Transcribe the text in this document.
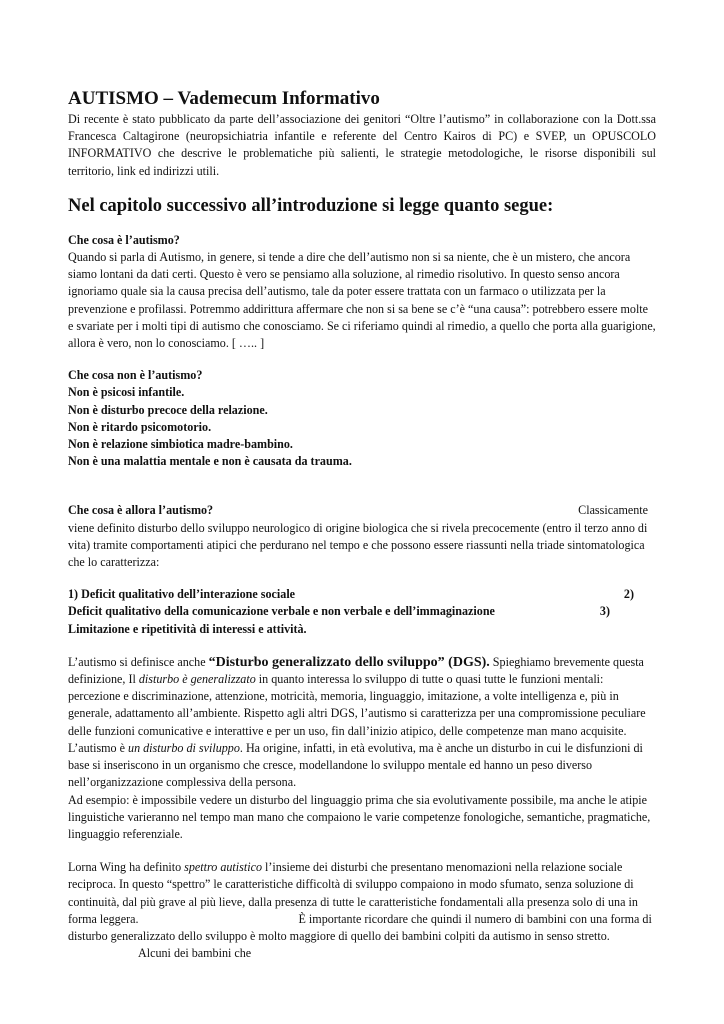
AUTISMO – Vademecum Informativo

Di recente è stato pubblicato da parte dell’associazione dei genitori “Oltre l’autismo” in collaborazione con la Dott.ssa Francesca Caltagirone (neuropsichiatria infantile e referente del Centro Kairos di PC) e SVEP, un OPUSCOLO INFORMATIVO che descrive le problematiche più salienti, le strategie metodologiche, le risorse disponibili sul territorio, link ed indirizzi utili.

Nel capitolo successivo all’introduzione si legge quanto segue:

Che cosa è l’autismo?

Quando si parla di Autismo, in genere, si tende a dire che dell’autismo non si sa niente, che è un mistero, che ancora siamo lontani da dati certi. Questo è vero se pensiamo alla soluzione, al rimedio risolutivo. In questo senso ancora ignoriamo quale sia la causa precisa dell’autismo, tale da poter essere trattata con un farmaco o utilizzata per la prevenzione e profilassi. Potremmo addirittura affermare che non si sa bene se c’è “una causa”: potrebbero essere molte e svariate per i molti tipi di autismo che conosciamo. Se ci riferiamo quindi al rimedio, a quello che porta alla guarigione, allora è vero, non lo conosciamo. [ ….. ]

Che cosa non è l’autismo?

Non è psicosi infantile.
Non è disturbo precoce della relazione.
Non è ritardo psicomotorio.
Non è relazione simbiotica madre-bambino.
Non è una malattia mentale e non è causata da trauma.
Che cosa è allora l’autismo?	Classicamente

viene definito disturbo dello sviluppo neurologico di origine biologica che si rivela precocemente (entro il terzo anno di vita) tramite comportamenti atipici che perdurano nel tempo e che possono essere riassunti nella triade sintomatologica che lo caratterizza:

1) Deficit qualitativo dell’interazione sociale	2)
Deficit qualitativo della comunicazione verbale e non verbale e dell’immaginazione	3)
Limitazione e ripetitività di interessi e attività.

L’autismo si definisce anche “Disturbo generalizzato dello sviluppo” (DGS). Spieghiamo brevemente questa definizione, Il disturbo è generalizzato in quanto interessa lo sviluppo di tutte o quasi tutte le funzioni mentali: percezione e discriminazione, attenzione, motricità, memoria, linguaggio, imitazione, a volte intelligenza e, più in generale, adattamento all’ambiente. Rispetto agli altri DGS, l’autismo si caratterizza per una compromissione peculiare delle funzioni comunicative e interattive e per un uso, fin dall’inizio atipico, delle competenze man mano acquisite.

L’autismo è un disturbo di sviluppo. Ha origine, infatti, in età evolutiva, ma è anche un disturbo in cui le disfunzioni di base si inseriscono in un organismo che cresce, modellandone lo sviluppo mentale ed hanno un peso diverso nell’organizzazione complessiva della persona.

Ad esempio: è impossibile vedere un disturbo del linguaggio prima che sia evolutivamente possibile, ma anche le atipie linguistiche varieranno nel tempo man mano che compaiono le varie competenze fonologiche, semantiche, pragmatiche, linguaggio referenziale.

Lorna Wing ha definito spettro autistico l’insieme dei disturbi che presentano menomazioni nella relazione sociale reciproca. In questo “spettro” le caratteristiche difficoltà di sviluppo compaiono in modo sfumato, senza soluzione di continuità, dal più grave al più lieve, dalla presenza di tutte le caratteristiche fondamentali alla presenza solo di una in forma leggera.	È importante ricordare che quindi il numero di bambini con una forma di disturbo generalizzato dello sviluppo è molto maggiore di quello dei bambini colpiti da autismo in senso stretto.Alcuni dei bambini che
